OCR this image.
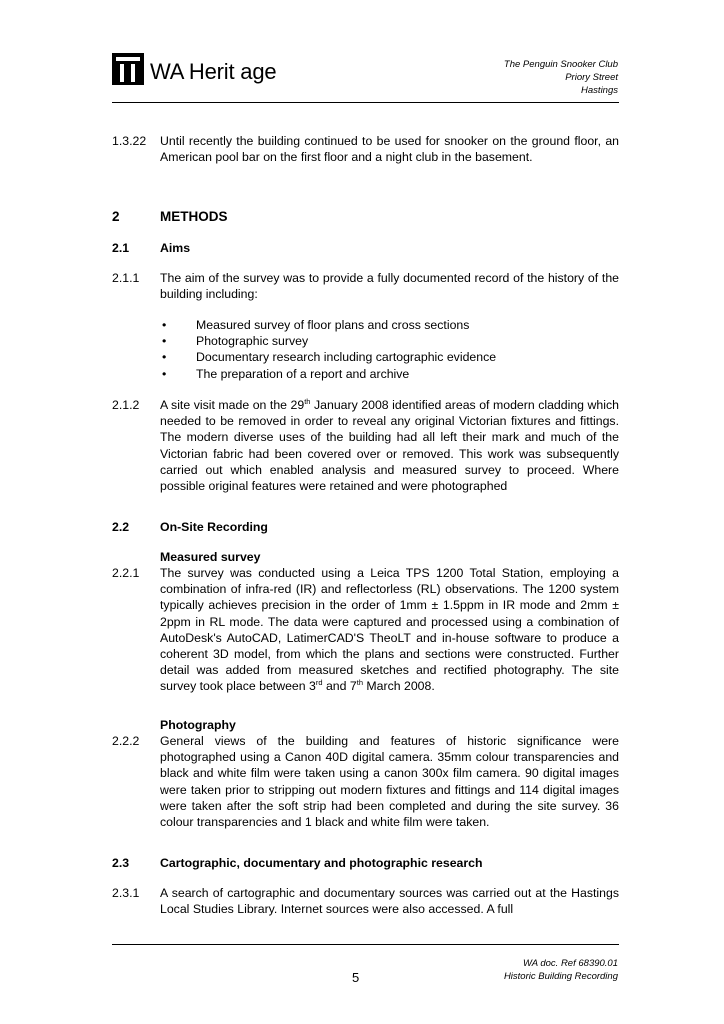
WA Herit age	The Penguin Snooker Club
Priory Street
Hastings
1.3.22 Until recently the building continued to be used for snooker on the ground floor, an American pool bar on the first floor and a night club in the basement.
2	METHODS
2.1	Aims
2.1.1 The aim of the survey was to provide a fully documented record of the history of the building including:
• Measured survey of floor plans and cross sections
• Photographic survey
• Documentary research including cartographic evidence
• The preparation of a report and archive
2.1.2 A site visit made on the 29th January 2008 identified areas of modern cladding which needed to be removed in order to reveal any original Victorian fixtures and fittings. The modern diverse uses of the building had all left their mark and much of the Victorian fabric had been covered over or removed. This work was subsequently carried out which enabled analysis and measured survey to proceed. Where possible original features were retained and were photographed
2.2	On-Site Recording
Measured survey
2.2.1 The survey was conducted using a Leica TPS 1200 Total Station, employing a combination of infra-red (IR) and reflectorless (RL) observations. The 1200 system typically achieves precision in the order of 1mm ± 1.5ppm in IR mode and 2mm ± 2ppm in RL mode. The data were captured and processed using a combination of AutoDesk's AutoCAD, LatimerCAD'S TheoLT and in-house software to produce a coherent 3D model, from which the plans and sections were constructed. Further detail was added from measured sketches and rectified photography. The site survey took place between 3rd and 7th March 2008.
Photography
2.2.2 General views of the building and features of historic significance were photographed using a Canon 40D digital camera. 35mm colour transparencies and black and white film were taken using a canon 300x film camera. 90 digital images were taken prior to stripping out modern fixtures and fittings and 114 digital images were taken after the soft strip had been completed and during the site survey. 36 colour transparencies and 1 black and white film were taken.
2.3	Cartographic, documentary and photographic research
2.3.1 A search of cartographic and documentary sources was carried out at the Hastings Local Studies Library. Internet sources were also accessed. A full
WA doc. Ref 68390.01
Historic Building Recording
5
